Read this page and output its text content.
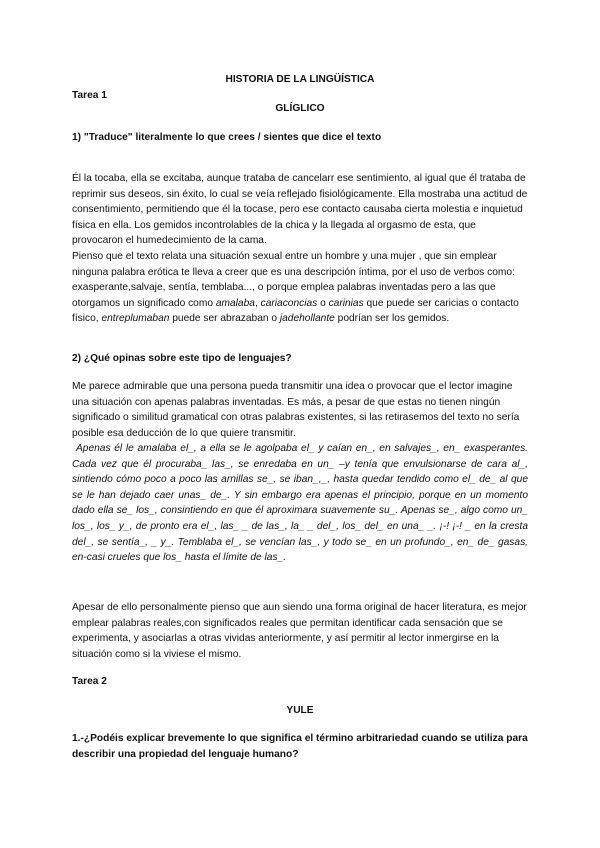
HISTORIA DE LA LINGÜÍSTICA
Tarea 1
GLÍGLICO
1) "Traduce" literalmente lo que crees / sientes que dice el texto

Él la tocaba, ella se excitaba, aunque trataba de cancelarr ese sentimiento, al igual que él trataba de reprimir sus deseos, sin éxito, lo cual se veía reflejado fisiológicamente. Ella mostraba una actitud de consentimiento, permitiendo que él la tocase, pero ese contacto causaba cierta molestia e inquietud física en ella. Los gemidos incontrolables de la chica y la llegada al orgasmo de esta, que provocaron el humedecimiento de la cama.

Pienso que el texto relata una situación sexual entre un hombre y una mujer , que sin emplear ninguna palabra erótica te lleva a creer que es una descripción íntima, por el uso de verbos como: exasperante,salvaje, sentía, temblaba..., o porque emplea palabras inventadas pero a las que otorgamos un significado como amalaba, cariaconcias o carinias que puede ser caricias o contacto físico, entreplumaban puede ser abrazaban o jadehollante podrían ser los gemidos.

2) ¿Qué opinas sobre este tipo de lenguajes?

Me parece admirable que una persona pueda transmitir una idea o provocar que el lector imagine una situación con apenas palabras inventadas. Es más, a pesar de que estas no tienen ningún significado o similitud gramatical con otras palabras existentes, si las retirasemos del texto no sería posible esa deducción de lo que quiere transmitir.

Apenas él le amalaba el_, a ella se le agolpaba el_ y caían en_, en salvajes_, en_ exasperantes. Cada vez que él procuraba_ las_, se enredaba en un_ –y tenía que envulsionarse de cara al_, sintiendo cómo poco a poco las arnillas se_, se iban_,_, hasta quedar tendido como el_ de_ al que se le han dejado caer unas_ de_. Y sin embargo era apenas el principio, porque en un momento dado ella se_ los_, consintiendo en que él aproximara suavemente su_. Apenas se_, algo como un_ los_, los_ y_, de pronto era el_, las_ _ de las_, la_ _ del_, los_ del_ en una_ _. ¡-! ¡-! _ en la cresta del_, se sentía_, _ y_. Temblaba el_, se vencían las_, y todo se_ en un profundo_, en_ de_ gasas, en-casi crueles que los_ hasta el límite de las_.

Apesar de ello personalmente pienso que aun siendo una forma original de hacer literatura, es mejor emplear palabras reales,con significados reales que permitan identificar cada sensación que se experimenta, y asociarlas a otras vividas anteriormente, y así permitir al lector inmergirse en la situación como si la viviese el mismo.

Tarea 2
YULE
1.-¿Podéis explicar brevemente lo que significa el término arbitrariedad cuando se utiliza para describir una propiedad del lenguaje humano?
